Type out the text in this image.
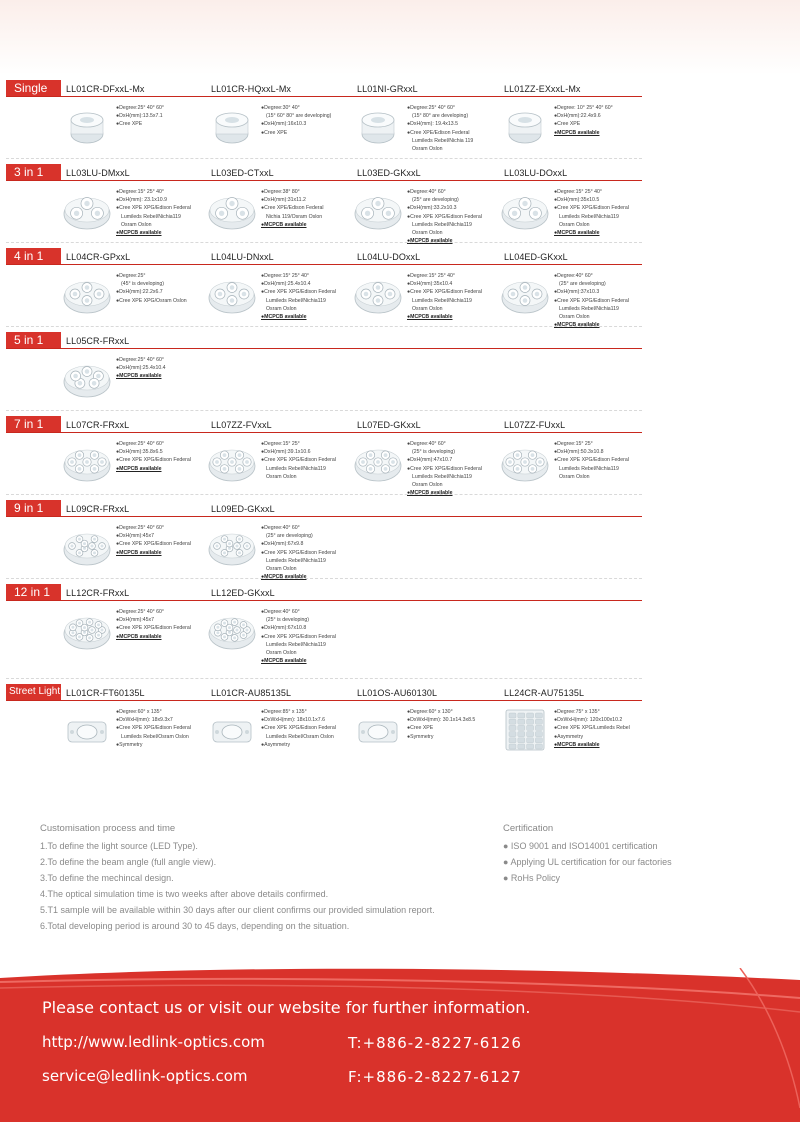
Single	LL01CR-DFxxL-Mx
●Degree:25° 40° 60°
●DxH(mm):13.5x7.1
●Cree XPE
LL01CR-HQxxL-Mx
●Degree:30° 40°
(15° 60° 80° are developing)
●DxH(mm):16x10.3
●Cree XPE
LL01NI-GRxxL
●Degree:25° 40° 60°
(15° 80° are developing)
●DxH(mm): 19.4x13.5
●Cree XPE/Edison Federal
Lumileds Rebel/Nichia 119
Osram Oslon
LL01ZZ-EXxxL-Mx
●Degree: 10° 25° 40° 60°
●DxH(mm):22.4x9.6
●Cree XPE
●MCPCB available
3 in 1	LL03LU-DMxxL
●Degree:15° 25° 40°
●DxH(mm): 23.1x10.9
●Cree XPE XPG/Edison Federal
Lumileds Rebel/Nichia119
Osram Oslon
●MCPCB available
LL03ED-CTxxL
●Degree:38° 80°
●DxH(mm):31x11.2
●Cree XPE/Edison Federal
Nichia 119/Osram Oslon
●MCPCB available
LL03ED-GKxxL
●Degree:40° 60°
(25° are developing)
●DxH(mm):33.2x10.3
●Cree XPE XPG/Edison Federal
Lumileds Rebel/Nichia119
Osram Oslon
●MCPCB available
LL03LU-DOxxL
●Degree:15° 25° 40°
●DxH(mm):35x10.5
●Cree XPE XPG/Edison Federal
Lumileds Rebel/Nichia119
Osram Oslon
●MCPCB available
4 in 1	LL04CR-GPxxL
●Degree:25°
(45° is developing)
●DxH(mm):22.2x6.7
●Cree XPE XPG/Osram Oslon
LL04LU-DNxxL
●Degree:15° 25° 40°
●DxH(mm):25.4x10.4
●Cree XPE XPG/Edison Federal
Lumileds Rebel/Nichia119
Osram Oslon
●MCPCB available
LL04LU-DOxxL
●Degree:15° 25° 40°
●DxH(mm):35x10.4
●Cree XPE XPG/Edison Federal
Lumileds Rebel/Nichia119
Osram Oslon
●MCPCB available
LL04ED-GKxxL
●Degree:40° 60°
(25° are developing)
●DxH(mm):37x10.3
●Cree XPE XPG/Edison Federal
Lumileds Rebel/Nichia119
Osram Oslon
●MCPCB available
5 in 1	LL05CR-FRxxL
●Degree:25° 40° 60°
●DxH(mm):25.4x10.4
●MCPCB available
7 in 1	LL07CR-FRxxL
●Degree:25° 40° 60°
●DxH(mm):35.8x6.5
●Cree XPE XPG/Edison Federal
●MCPCB available
LL07ZZ-FVxxL
●Degree:15° 25°
●DxH(mm):39.1x10.6
●Cree XPE XPG/Edison Federal
Lumileds Rebel/Nichia119
Osram Oslon
LL07ED-GKxxL
●Degree:40° 60°
(25° is developing)
●DxH(mm):47x10.7
●Cree XPE XPG/Edison Federal
Lumileds Rebel/Nichia119
Osram Oslon
●MCPCB available
LL07ZZ-FUxxL
●Degree:15° 25°
●DxH(mm):50.3x10.8
●Cree XPE XPG/Edison Federal
Lumileds Rebel/Nichia119
Osram Oslon
9 in 1	LL09CR-FRxxL
●Degree:25° 40° 60°
●DxH(mm):45x7
●Cree XPE XPG/Edison Federal
●MCPCB available
LL09ED-GKxxL
●Degree:40° 60°
(25° are developing)
●DxH(mm):67x9.8
●Cree XPE XPG/Edison Federal
Lumileds Rebel/Nichia119
Osram Oslon
●MCPCB available
12 in 1	LL12CR-FRxxL
●Degree:25° 40° 60°
●DxH(mm):45x7
●Cree XPE XPG/Edison Federal
●MCPCB available
LL12ED-GKxxL
●Degree:40° 60°
(25° is developing)
●DxH(mm):67x10.8
●Cree XPE XPG/Edison Federal
Lumileds Rebel/Nichia119
Osram Oslon
●MCPCB available
Street Light LL01CR-FT60135L
●Degree:60° x 135°
●DxWxH(mm): 18x9.3x7
●Cree XPE XPG/Edison Federal
Lumileds Rebel/Osram Oslon
●Symmetry
LL01CR-AU85135L
●Degree:85° x 135°
●DxWxH(mm): 18x10.1x7.6
●Cree XPE XPG/Edison Federal
Lumileds Rebel/Osram Oslon
●Asymmetry
LL01OS-AU60130L
●Degree:60° x 130°
●DxWxH(mm): 30.1x14.3x8.5
●Cree XPE
●Symmetry
LL24CR-AU75135L
●Degree:75° x 135°
●DxWxH(mm): 120x100x10.2
●Cree XPE XPG/Lumileds Rebel
●Asymmetry
●MCPCB available
Customisation process and time
1.To define the light source (LED Type).
2.To define the beam angle (full angle view).
3.To define the mechincal design.
4.The optical simulation time is two weeks after above details confirmed.
5.T1 sample will be available within 30 days after our client confirms our provided simulation report.
6.Total developing period is around 30 to 45 days, depending on the situation.
Certification
● ISO 9001 and ISO14001 certification
● Applying UL certification for our factories
● RoHs Policy
Please contact us or visit our website for further information.
http://www.ledlink-optics.com
service@ledlink-optics.com
T:+886-2-8227-6126
F:+886-2-8227-6127
